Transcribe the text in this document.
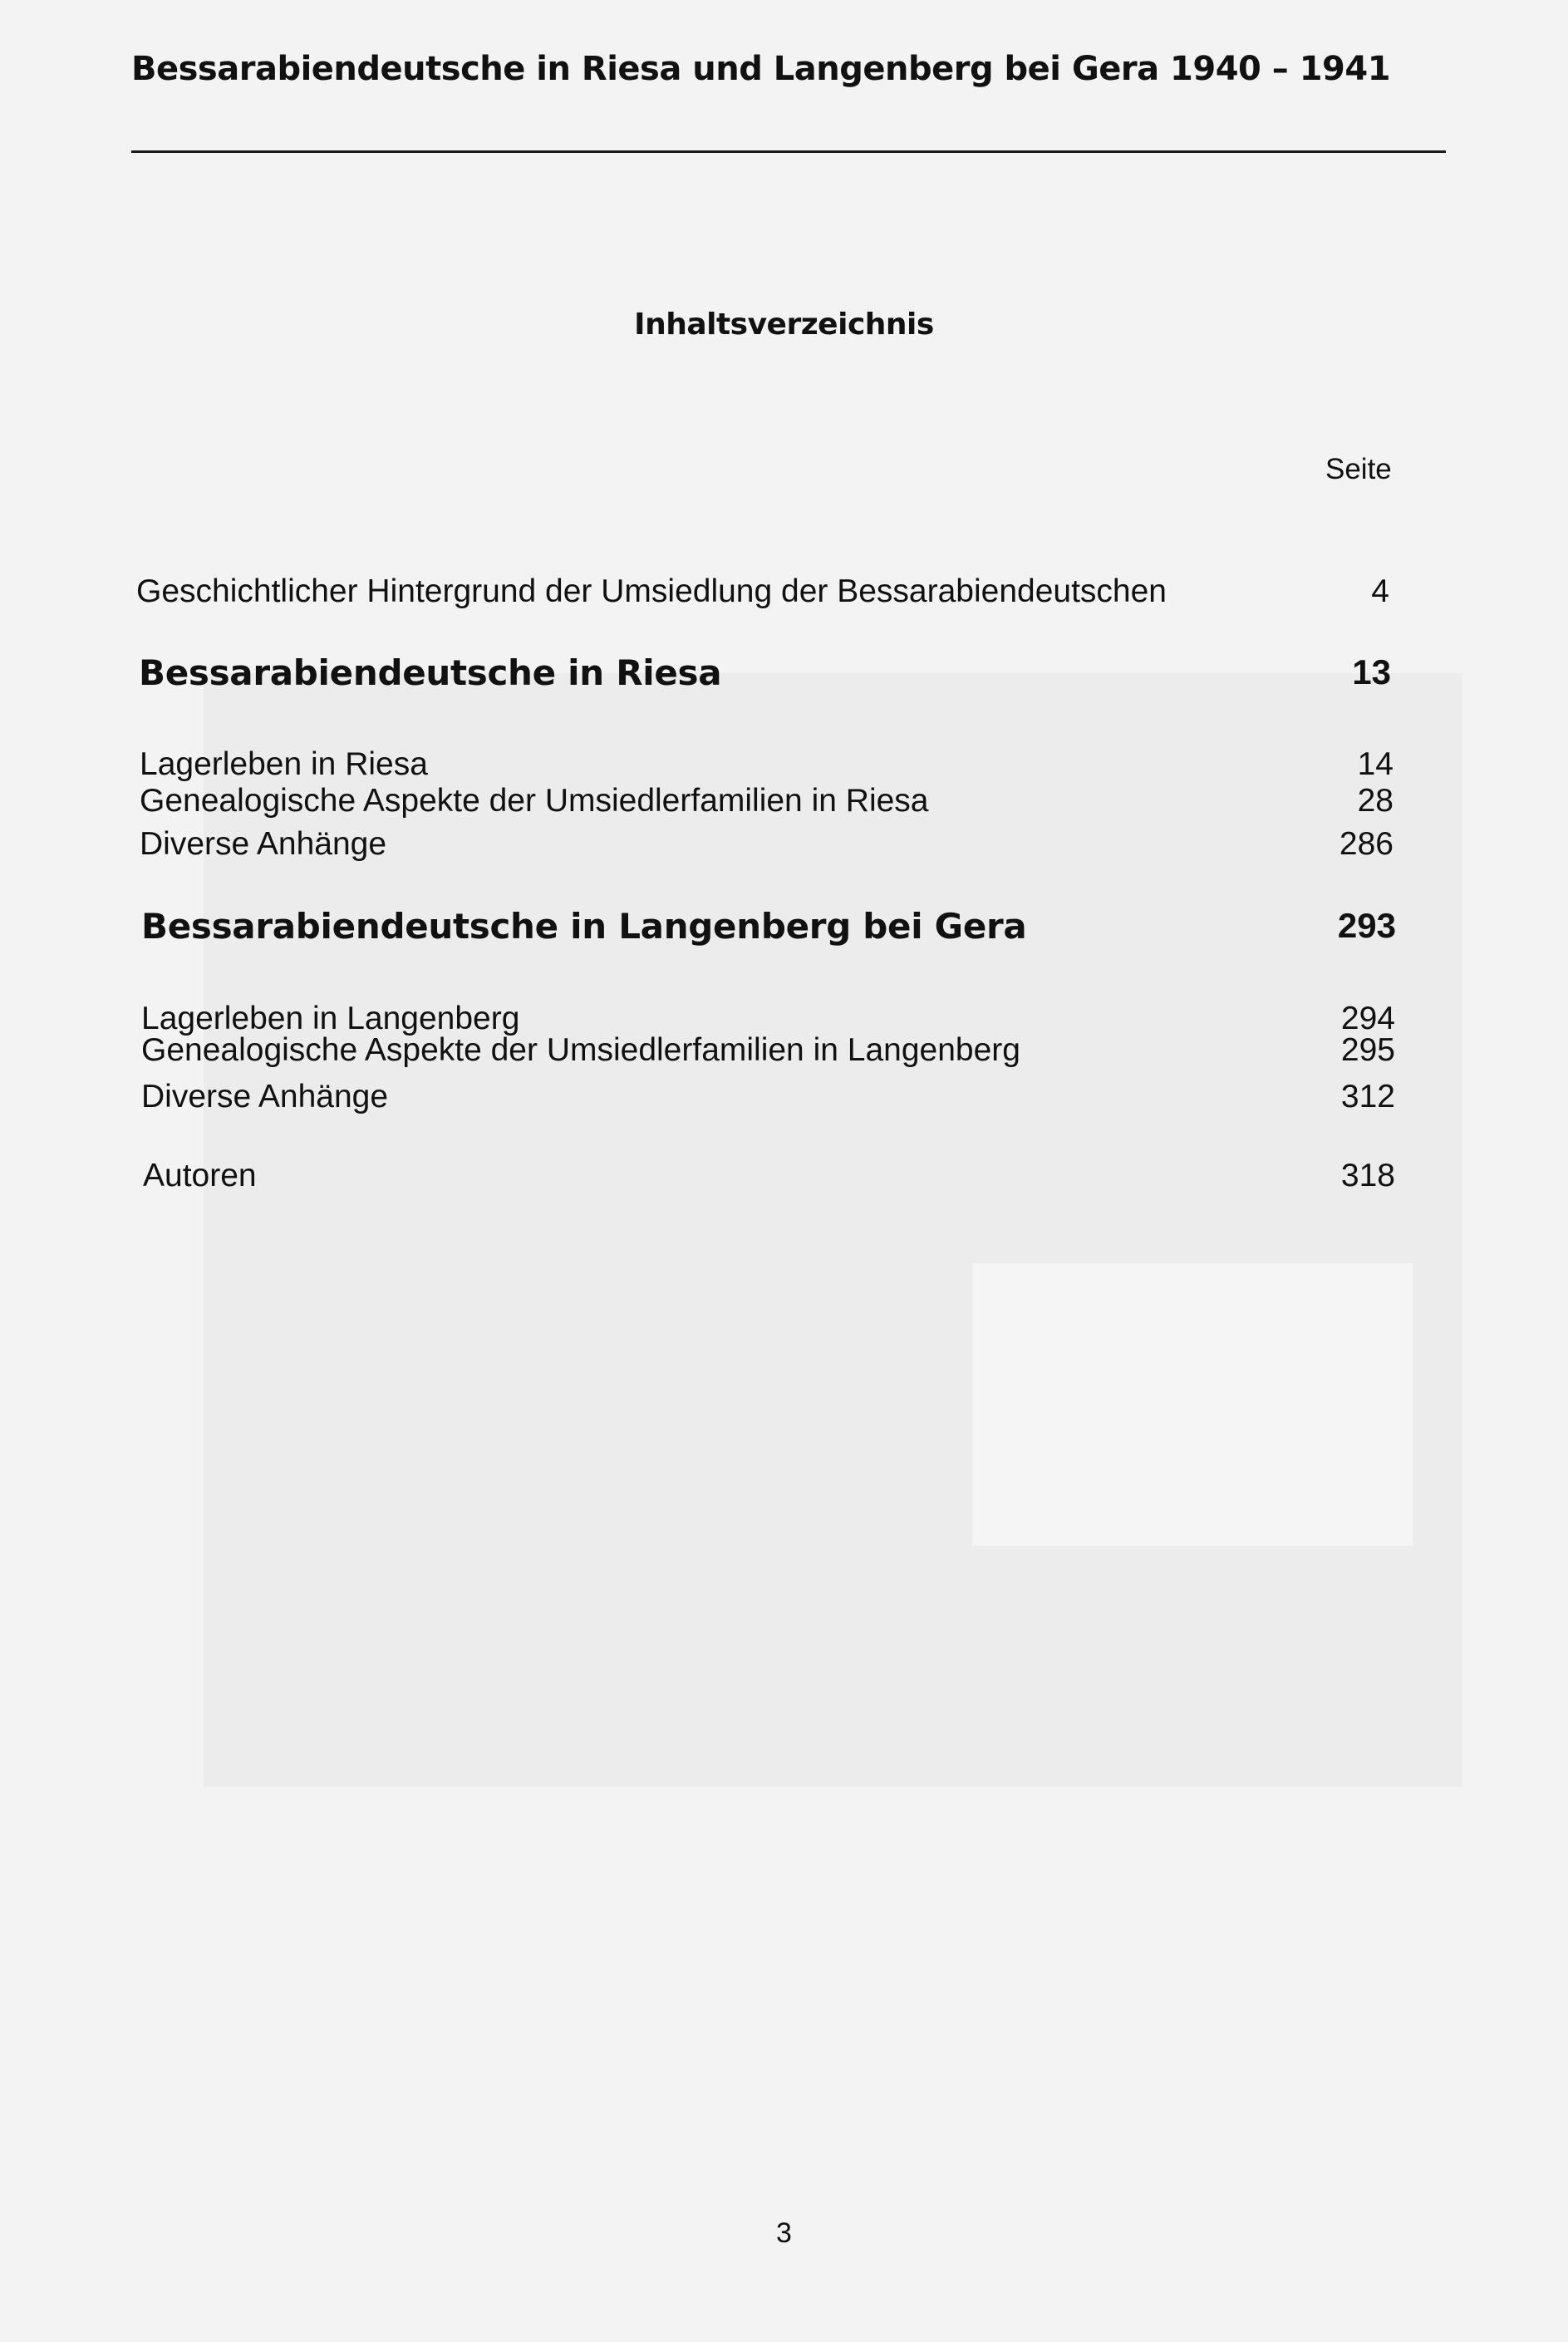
Bessarabiendeutsche in Riesa und Langenberg bei Gera 1940 – 1941
Inhaltsverzeichnis
Seite
Geschichtlicher Hintergrund der Umsiedlung der Bessarabiendeutschen	4
Bessarabiendeutsche in Riesa	13
Lagerleben in Riesa	14
Genealogische Aspekte der Umsiedlerfamilien in Riesa	28
Diverse Anhänge	286
Bessarabiendeutsche in Langenberg bei Gera	293
Lagerleben in Langenberg	294
Genealogische Aspekte der Umsiedlerfamilien in Langenberg	295
Diverse Anhänge	312
Autoren	318
3
